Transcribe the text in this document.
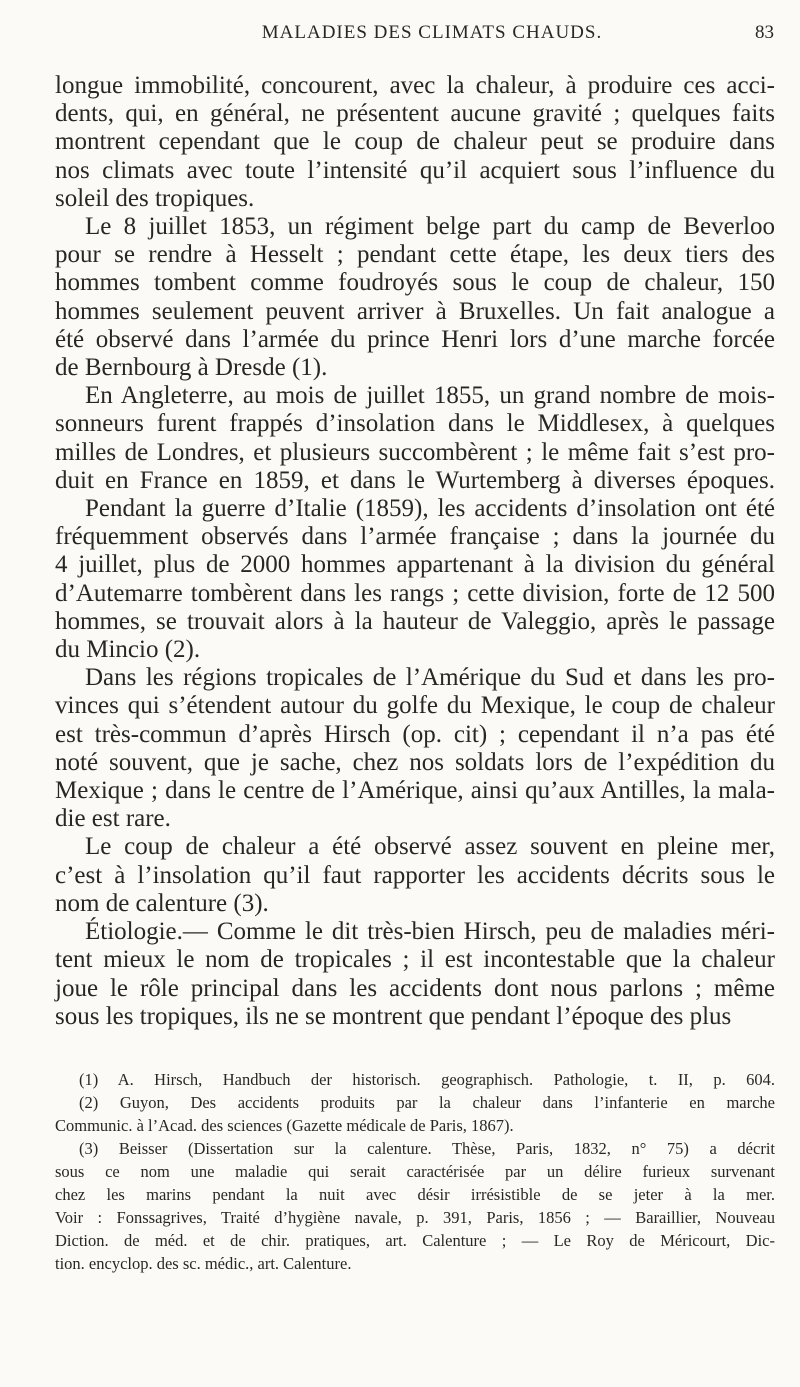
MALADIES DES CLIMATS CHAUDS.	83
longue immobilité, concourent, avec la chaleur, à produire ces acci-
dents, qui, en général, ne présentent aucune gravité ; quelques faits
montrent cependant que le coup de chaleur peut se produire dans
nos climats avec toute l’intensité qu’il acquiert sous l’influence du
soleil des tropiques.
Le 8 juillet 1853, un régiment belge part du camp de Beverloo
pour se rendre à Hesselt ; pendant cette étape, les deux tiers des
hommes tombent comme foudroyés sous le coup de chaleur, 150
hommes seulement peuvent arriver à Bruxelles. Un fait analogue a
été observé dans l’armée du prince Henri lors d’une marche forcée
de Bernbourg à Dresde (1).
En Angleterre, au mois de juillet 1855, un grand nombre de mois-
sonneurs furent frappés d’insolation dans le Middlesex, à quelques
milles de Londres, et plusieurs succombèrent ; le même fait s’est pro-
duit en France en 1859, et dans le Wurtemberg à diverses époques.
Pendant la guerre d’Italie (1859), les accidents d’insolation ont été
fréquemment observés dans l’armée française ; dans la journée du
4 juillet, plus de 2000 hommes appartenant à la division du général
d’Autemarre tombèrent dans les rangs ; cette division, forte de 12 500
hommes, se trouvait alors à la hauteur de Valeggio, après le passage
du Mincio (2).
Dans les régions tropicales de l’Amérique du Sud et dans les pro-
vinces qui s’étendent autour du golfe du Mexique, le coup de chaleur
est très-commun d’après Hirsch (op. cit) ; cependant il n’a pas été
noté souvent, que je sache, chez nos soldats lors de l’expédition du
Mexique ; dans le centre de l’Amérique, ainsi qu’aux Antilles, la mala-
die est rare.
Le coup de chaleur a été observé assez souvent en pleine mer,
c’est à l’insolation qu’il faut rapporter les accidents décrits sous le
nom de calenture (3).
Étiologie.— Comme le dit très-bien Hirsch, peu de maladies méri-
tent mieux le nom de tropicales ; il est incontestable que la chaleur
joue le rôle principal dans les accidents dont nous parlons ; même
sous les tropiques, ils ne se montrent que pendant l’époque des plus
(1) A. Hirsch, Handbuch der historisch. geographisch. Pathologie, t. II, p. 604.
(2) Guyon, Des accidents produits par la chaleur dans l’infanterie en marche
Communic. à l’Acad. des sciences (Gazette médicale de Paris, 1867).
(3) Beisser (Dissertation sur la calenture. Thèse, Paris, 1832, n° 75) a décrit
sous ce nom une maladie qui serait caractérisée par un délire furieux survenant
chez les marins pendant la nuit avec désir irrésistible de se jeter à la mer.
Voir : Fonssagrives, Traité d’hygiène navale, p. 391, Paris, 1856 ; — Baraillier, Nouveau
Diction. de méd. et de chir. pratiques, art. Calenture ; — Le Roy de Méricourt, Dic-
tion. encyclop. des sc. médic., art. Calenture.
